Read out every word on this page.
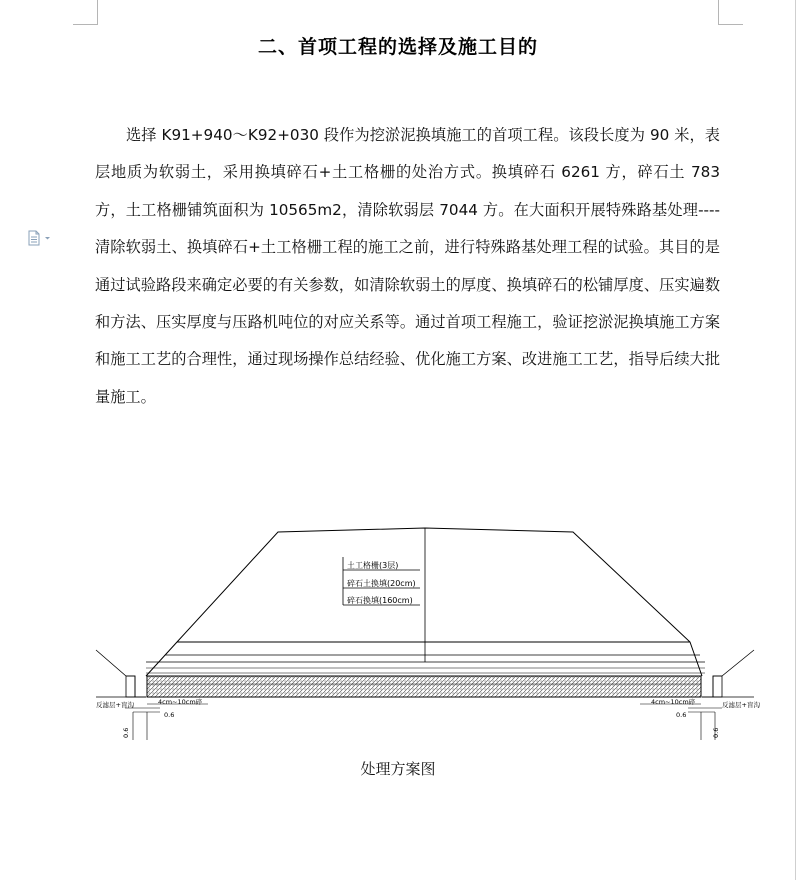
二、首项工程的选择及施工目的

选择 K91+940～K92+030 段作为挖淤泥换填施工的首项工程。该段长度为 90 米，表层地质为软弱土，采用换填碎石+土工格栅的处治方式。换填碎石 6261 方，碎石土 783 方，土工格栅铺筑面积为 10565m2，清除软弱层 7044 方。在大面积开展特殊路基处理----清除软弱土、换填碎石+土工格栅工程的施工之前，进行特殊路基处理工程的试验。其目的是通过试验路段来确定必要的有关参数，如清除软弱土的厚度、换填碎石的松铺厚度、压实遍数和方法、压实厚度与压路机吨位的对应关系等。通过首项工程施工，验证挖淤泥换填施工方案和施工工艺的合理性，通过现场操作总结经验、优化施工方案、改进施工工艺，指导后续大批量施工。

土工格栅(3层)
碎石土换填(20cm)
碎石换填(160cm)
反滤层+盲沟	4cm~10cm碎
0.6
0.6
4cm~10cm碎
0.6
反滤层+盲沟
0.6
处理方案图
